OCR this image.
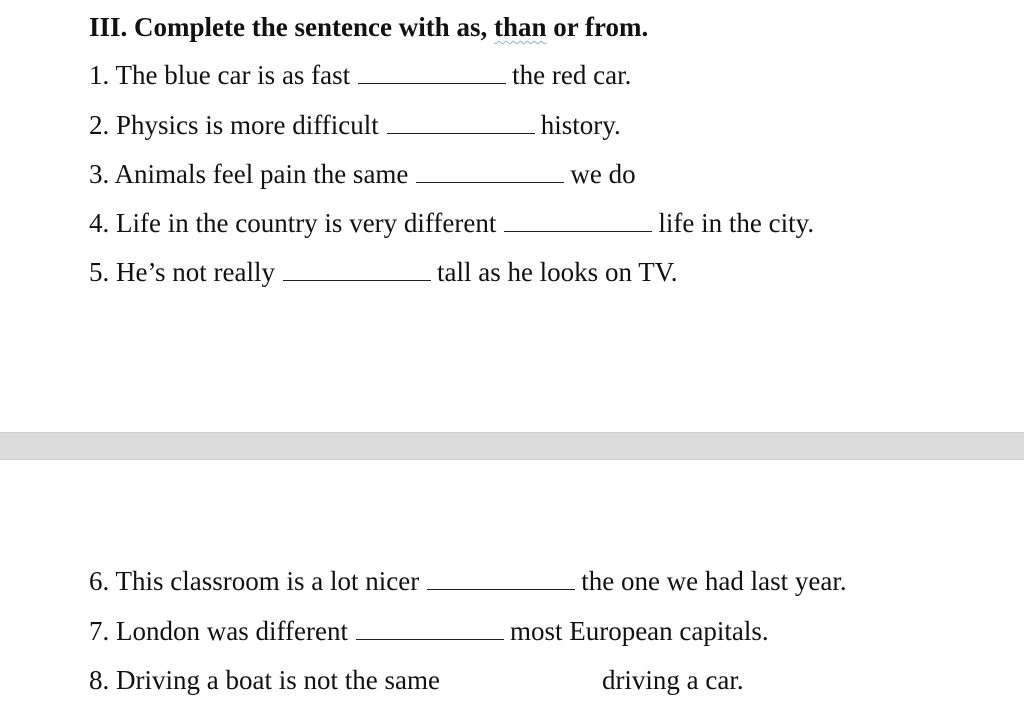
III. Complete the sentence with as, than or from.
1. The blue car is as fast	the red car.
2. Physics is more difficult	history.
3. Animals feel pain the same	we do
4. Life in the country is very different	life in the city.
5. He’s not really	tall as he looks on TV.
6. This classroom is a lot nicer	the one we had last year.
7. London was different	most European capitals.
8. Driving a boat is not the same	driving a car.
